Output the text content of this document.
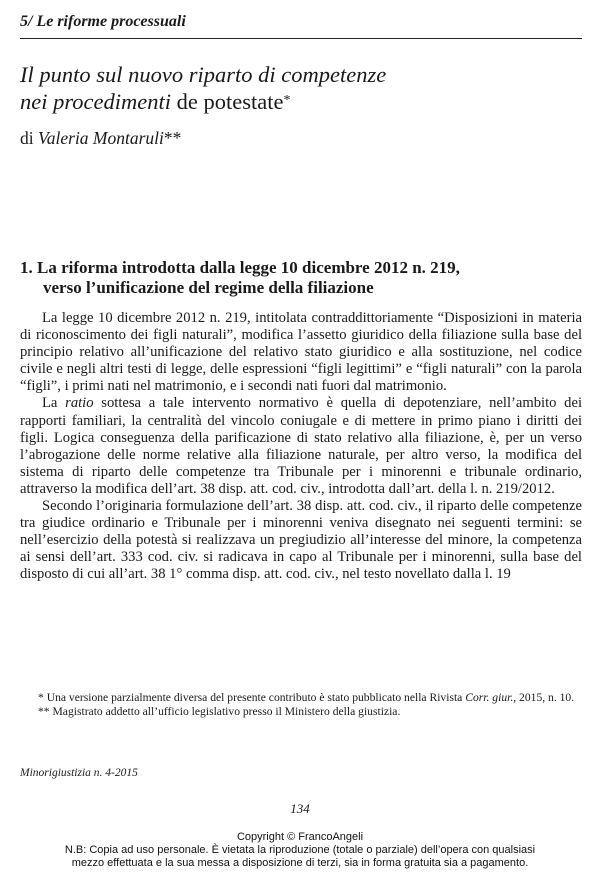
5/ Le riforme processuali
Il punto sul nuovo riparto di competenze
nei procedimenti de potestate*

di Valeria Montaruli**

1. La riforma introdotta dalla legge 10 dicembre 2012 n. 219,
verso l’unificazione del regime della filiazione

La legge 10 dicembre 2012 n. 219, intitolata contraddittoriamente “Disposizioni in materia di riconoscimento dei figli naturali”, modifica l’assetto giuridico della filiazione sulla base del principio relativo all’unificazione del relativo stato giuridico e alla sostituzione, nel codice civile e negli altri testi di legge, delle espressioni “figli legittimi” e “figli naturali” con la parola “figli”, i primi nati nel matrimonio, e i secondi nati fuori dal matrimonio.

La ratio sottesa a tale intervento normativo è quella di depotenziare, nell’ambito dei rapporti familiari, la centralità del vincolo coniugale e di mettere in primo piano i diritti dei figli. Logica conseguenza della parificazione di stato relativo alla filiazione, è, per un verso l’abrogazione delle norme relative alla filiazione naturale, per altro verso, la modifica del sistema di riparto delle competenze tra Tribunale per i minorenni e tribunale ordinario, attraverso la modifica dell’art. 38 disp. att. cod. civ., introdotta dall’art. della l. n. 219/2012.

Secondo l’originaria formulazione dell’art. 38 disp. att. cod. civ., il riparto delle competenze tra giudice ordinario e Tribunale per i minorenni veniva disegnato nei seguenti termini: se nell’esercizio della potestà si realizzava un pregiudizio all’interesse del minore, la competenza ai sensi dell’art. 333 cod. civ. si radicava in capo al Tribunale per i minorenni, sulla base del disposto di cui all’art. 38 1° comma disp. att. cod. civ., nel testo novellato dalla l. 19

* Una versione parzialmente diversa del presente contributo è stato pubblicato nella Rivista Corr. giur., 2015, n. 10.

** Magistrato addetto all’ufficio legislativo presso il Ministero della giustizia.

Minorigiustizia n. 4-2015

134

Copyright © FrancoAngeli
N.B: Copia ad uso personale. È vietata la riproduzione (totale o parziale) dell’opera con qualsiasi
mezzo effettuata e la sua messa a disposizione di terzi, sia in forma gratuita sia a pagamento.
